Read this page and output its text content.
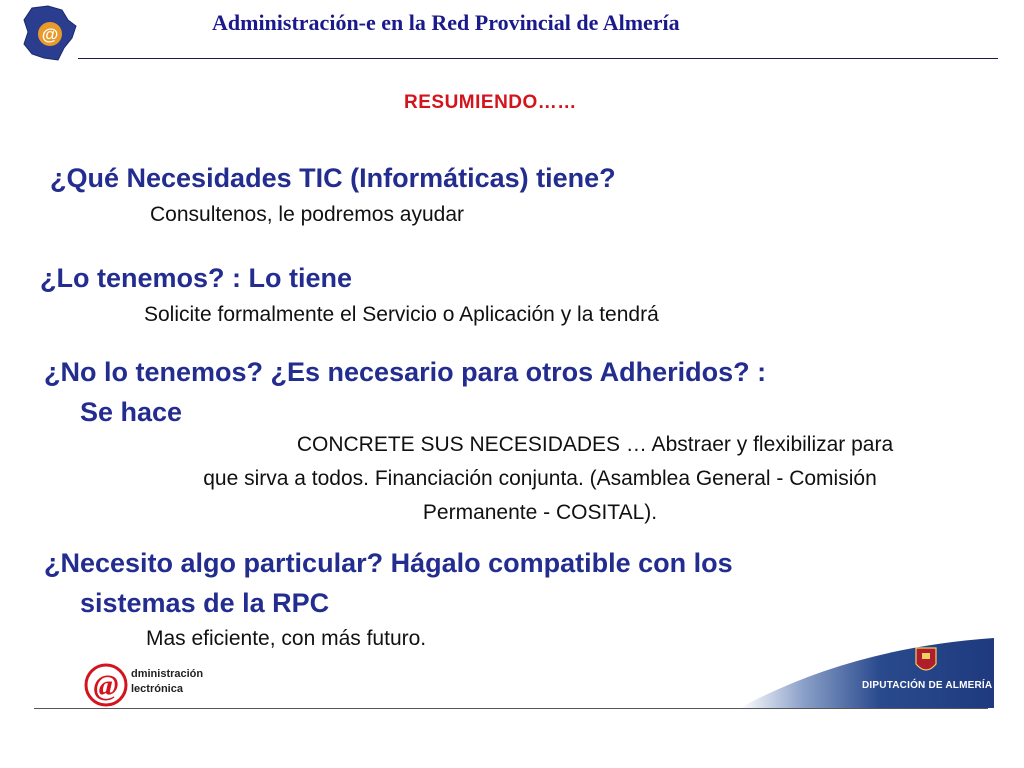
@	Administración-e en la Red Provincial de Almería
RESUMIENDO……
¿Qué Necesidades TIC (Informáticas) tiene?
Consultenos, le podremos ayudar
¿Lo tenemos? : Lo tiene
Solicite formalmente el Servicio o Aplicación y la tendrá
¿No lo tenemos? ¿Es necesario para otros Adheridos? :
Se hace
CONCRETE SUS NECESIDADES … Abstraer y flexibilizar para
que sirva a todos. Financiación conjunta. (Asamblea General - Comisión
Permanente - COSITAL).
¿Necesito algo particular? Hágalo compatible con los
sistemas de la RPC
Mas eficiente, con más futuro.
@ dministración
lectrónica	DIPUTACIÓN DE ALMERÍA
